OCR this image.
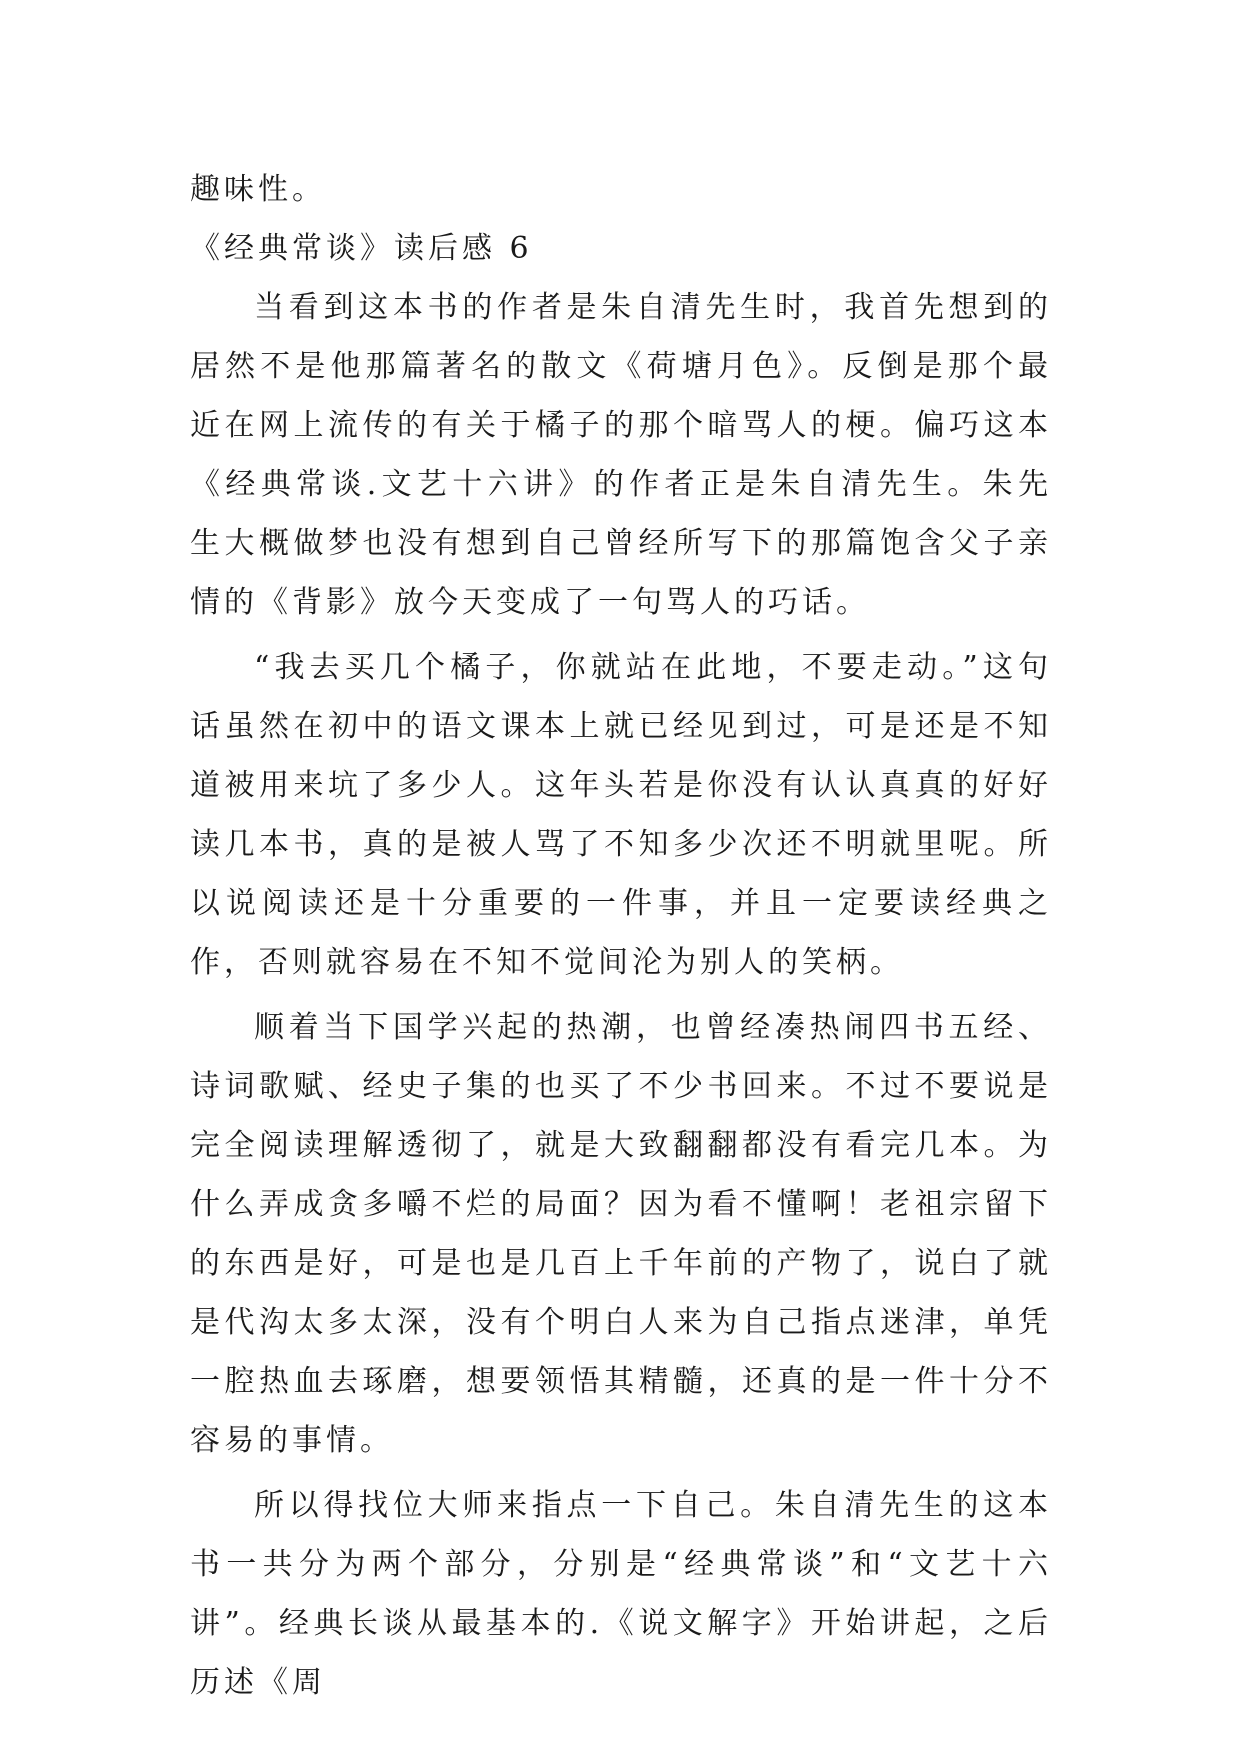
趣味性。

《经典常谈》读后感 6

当看到这本书的作者是朱自清先生时，我首先想到的居然不是他那篇著名的散文《荷塘月色》。反倒是那个最近在网上流传的有关于橘子的那个暗骂人的梗。偏巧这本《经典常谈.文艺十六讲》的作者正是朱自清先生。朱先生大概做梦也没有想到自己曾经所写下的那篇饱含父子亲情的《背影》放今天变成了一句骂人的巧话。

“我去买几个橘子，你就站在此地，不要走动。”这句话虽然在初中的语文课本上就已经见到过，可是还是不知道被用来坑了多少人。这年头若是你没有认认真真的好好读几本书，真的是被人骂了不知多少次还不明就里呢。所以说阅读还是十分重要的一件事，并且一定要读经典之作，否则就容易在不知不觉间沦为别人的笑柄。

顺着当下国学兴起的热潮，也曾经凑热闹四书五经、诗词歌赋、经史子集的也买了不少书回来。不过不要说是完全阅读理解透彻了，就是大致翻翻都没有看完几本。为什么弄成贪多嚼不烂的局面？因为看不懂啊！老祖宗留下的东西是好，可是也是几百上千年前的产物了，说白了就是代沟太多太深，没有个明白人来为自己指点迷津，单凭一腔热血去琢磨，想要领悟其精髓，还真的是一件十分不容易的事情。

所以得找位大师来指点一下自己。朱自清先生的这本书一共分为两个部分，分别是“经典常谈”和“文艺十六讲”。经典长谈从最基本的.《说文解字》开始讲起，之后历述《周
